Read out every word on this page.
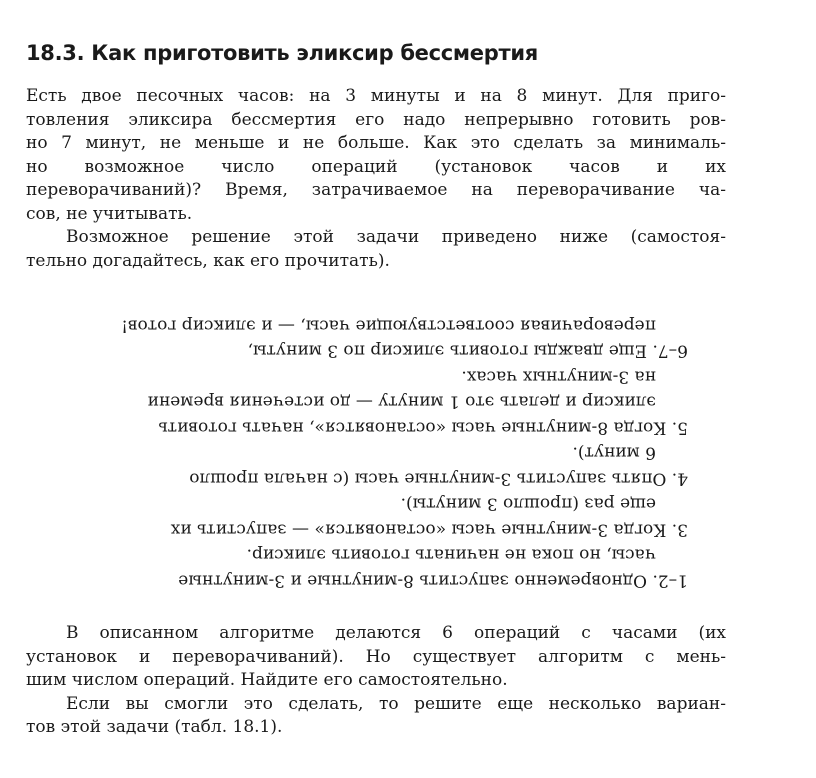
18.3. Как приготовить эликсир бессмертия

Есть двое песочных часов: на 3 минуты и на 8 минут. Для приго-
товления эликсира бессмертия его надо непрерывно готовить ров-
но 7 минут, не меньше и не больше. Как это сделать за минималь-
но возможное число операций (установок часов и их
переворачиваний)? Время, затрачиваемое на переворачивание ча-
сов, не учитывать.

Возможное решение этой задачи приведено ниже (самостоя-
тельно догадайтесь, как его прочитать).

1–2. Одновременно запустить 8-минутные и 3-минутные
часы, но пока не начинать готовить эликсир.
3. Когда 3-минутные часы «остановятся» — запустить их
еще раз (прошло 3 минуты).
4. Опять запустить 3-минутные часы (с начала прошло
6 минут).
5. Когда 8-минутные часы «остановятся», начать готовить
эликсир и делать это 1 минуту — до истечения времени
на 3-минутных часах.
6–7. Еще дважды готовить эликсир по 3 минуты,
переворачивая соответствующие часы, — и эликсир готов!

В описанном алгоритме делаются 6 операций с часами (их
установок и переворачиваний). Но существует алгоритм с мень-
шим числом операций. Найдите его самостоятельно.

Если вы смогли это сделать, то решите еще несколько вариан-
тов этой задачи (табл. 18.1).
